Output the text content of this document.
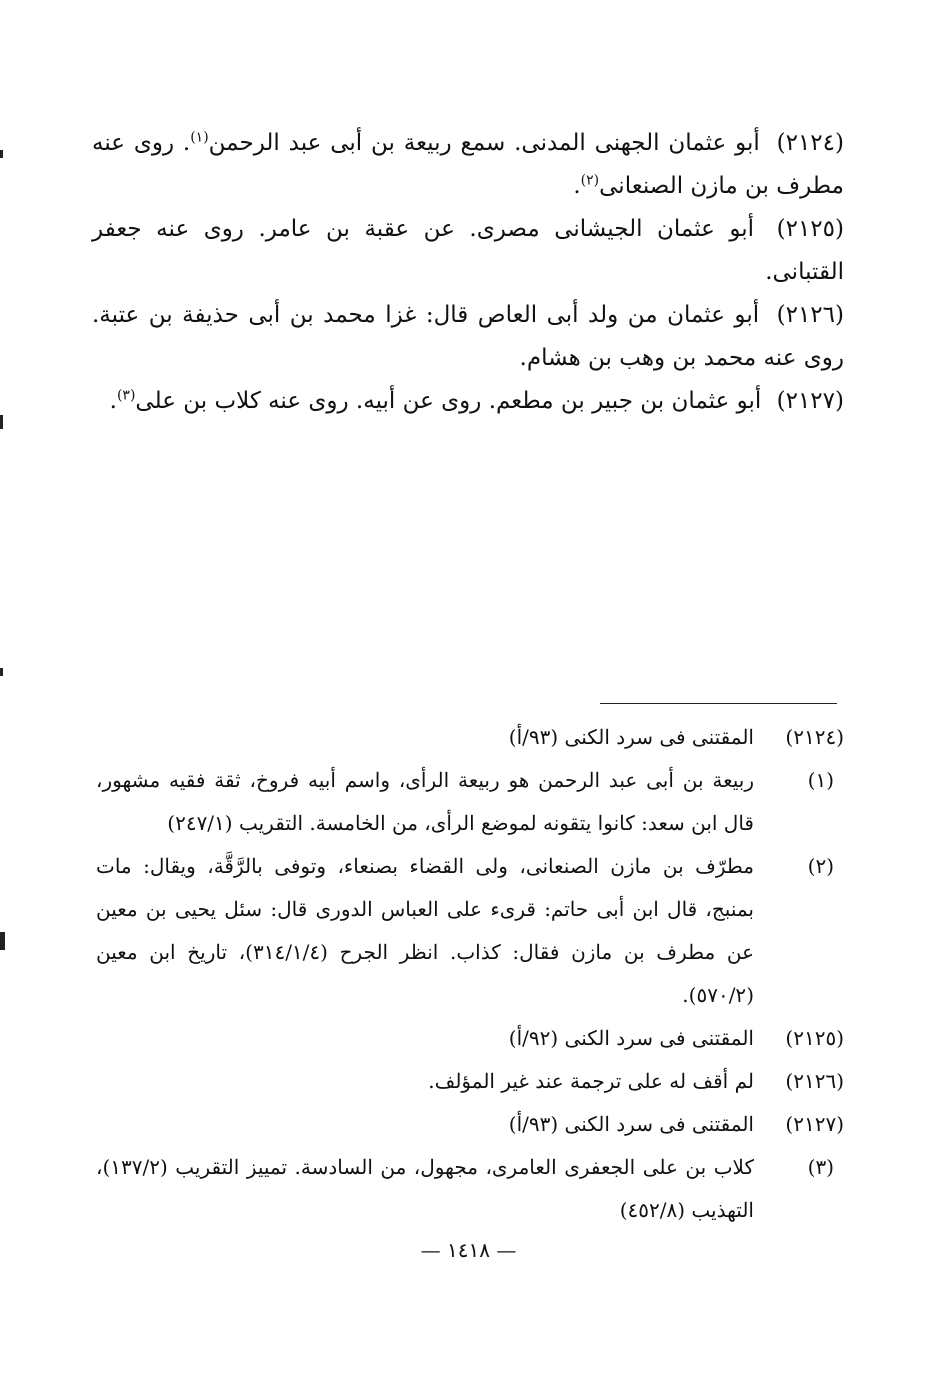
(٢١٢٤) أبو عثمان الجهنى المدنى. سمع ربيعة بن أبى عبد الرحمن$^{(١)}$. روى عنه مطرف بن مازن الصنعانى$^{(٢)}$.

(٢١٢٥) أبو عثمان الجيشانى مصرى. عن عقبة بن عامر. روى عنه جعفر القتبانى.

(٢١٢٦) أبو عثمان من ولد أبى العاص قال: غزا محمد بن أبى حذيفة بن عتبة. روى عنه محمد بن وهب بن هشام.

(٢١٢٧) أبو عثمان بن جبير بن مطعم. روى عن أبيه. روى عنه كلاب بن على$^{(٣)}$.

(٢١٢٤)
المقتنى فى سرد الكنى (٩٣/أ)
(١)
ربيعة بن أبى عبد الرحمن هو ربيعة الرأى، واسم أبيه فروخ، ثقة فقيه مشهور، قال ابن سعد: كانوا يتقونه لموضع الرأى، من الخامسة. التقريب (٢٤٧/١)
(٢)
مطرّف بن مازن الصنعانى، ولى القضاء بصنعاء، وتوفى بالرَّقَّة، ويقال: مات بمنبج، قال ابن أبى حاتم: قرىء على العباس الدورى قال: سئل يحيى بن معين عن مطرف بن مازن فقال: كذاب. انظر الجرح (٣١٤/١/٤)، تاريخ ابن معين (٥٧٠/٢).
(٢١٢٥)
المقتنى فى سرد الكنى (٩٢/أ)
(٢١٢٦)
لم أقف له على ترجمة عند غير المؤلف.
(٢١٢٧)
المقتنى فى سرد الكنى (٩٣/أ)
(٣)
كلاب بن على الجعفرى العامرى، مجهول، من السادسة. تمييز التقريب (١٣٧/٢)، التهذيب (٤٥٢/٨)
— ١٤١٨ —
